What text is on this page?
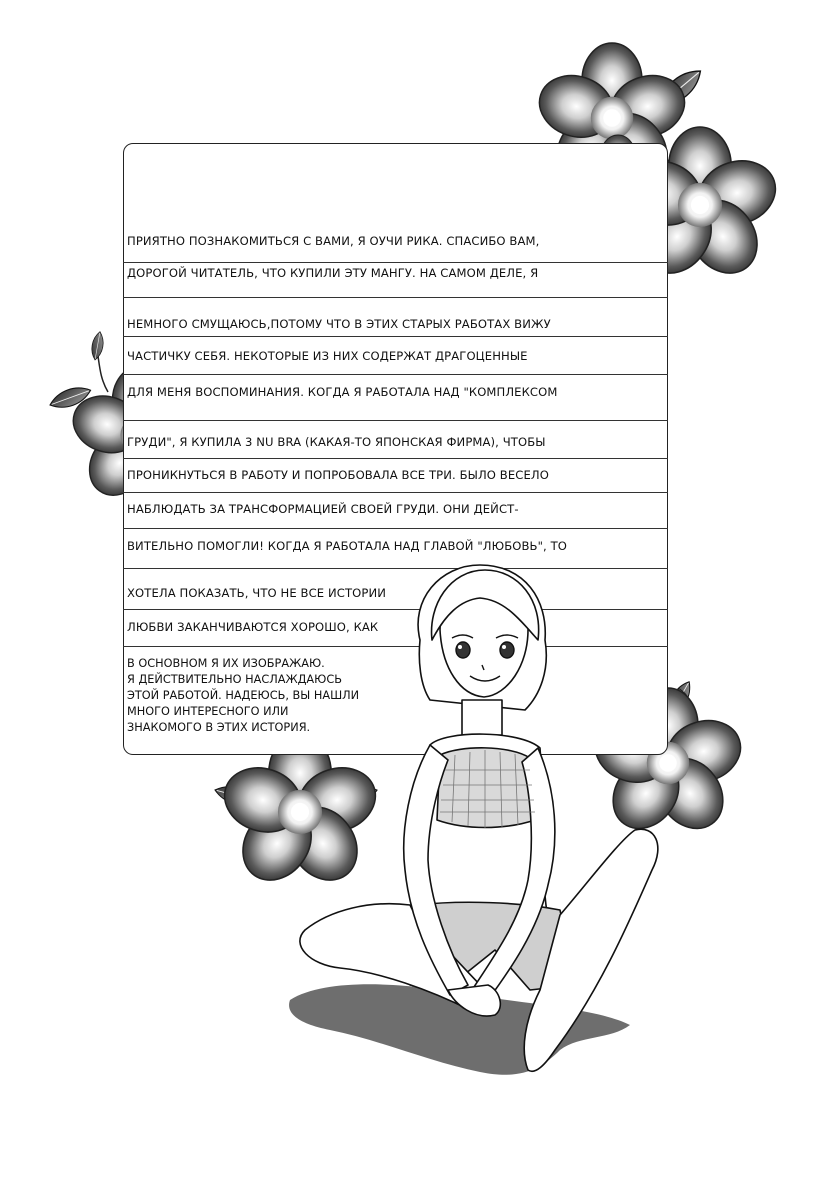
ПРИЯТНО ПОЗНАКОМИТЬСЯ С ВАМИ, Я ОУЧИ РИКА. СПАСИБО ВАМ,
ДОРОГОЙ ЧИТАТЕЛЬ, ЧТО КУПИЛИ ЭТУ МАНГУ. НА САМОМ ДЕЛЕ, Я
НЕМНОГО СМУЩАЮСЬ,ПОТОМУ ЧТО В ЭТИХ СТАРЫХ РАБОТАХ ВИЖУ
ЧАСТИЧКУ СЕБЯ. НЕКОТОРЫЕ ИЗ НИХ СОДЕРЖАТ ДРАГОЦЕННЫЕ
ДЛЯ МЕНЯ ВОСПОМИНАНИЯ. КОГДА Я РАБОТАЛА НАД "КОМПЛЕКСОМ
ГРУДИ", Я КУПИЛА 3 NU BRA (КАКАЯ-ТО ЯПОНСКАЯ ФИРМА), ЧТОБЫ
ПРОНИКНУТЬСЯ В РАБОТУ И ПОПРОБОВАЛА ВСЕ ТРИ. БЫЛО ВЕСЕЛО
НАБЛЮДАТЬ ЗА ТРАНСФОРМАЦИЕЙ СВОЕЙ ГРУДИ. ОНИ ДЕЙСТ-
ВИТЕЛЬНО ПОМОГЛИ! КОГДА Я РАБОТАЛА НАД ГЛАВОЙ "ЛЮБОВЬ", ТО
ХОТЕЛА ПОКАЗАТЬ, ЧТО НЕ ВСЕ ИСТОРИИ
ЛЮБВИ ЗАКАНЧИВАЮТСЯ ХОРОШО, КАК
В ОСНОВНОМ Я ИХ ИЗОБРАЖАЮ.
Я ДЕЙСТВИТЕЛЬНО НАСЛАЖДАЮСЬ
ЭТОЙ РАБОТОЙ. НАДЕЮСЬ, ВЫ НАШЛИ
МНОГО ИНТЕРЕСНОГО ИЛИ
ЗНАКОМОГО В ЭТИХ ИСТОРИЯ.
